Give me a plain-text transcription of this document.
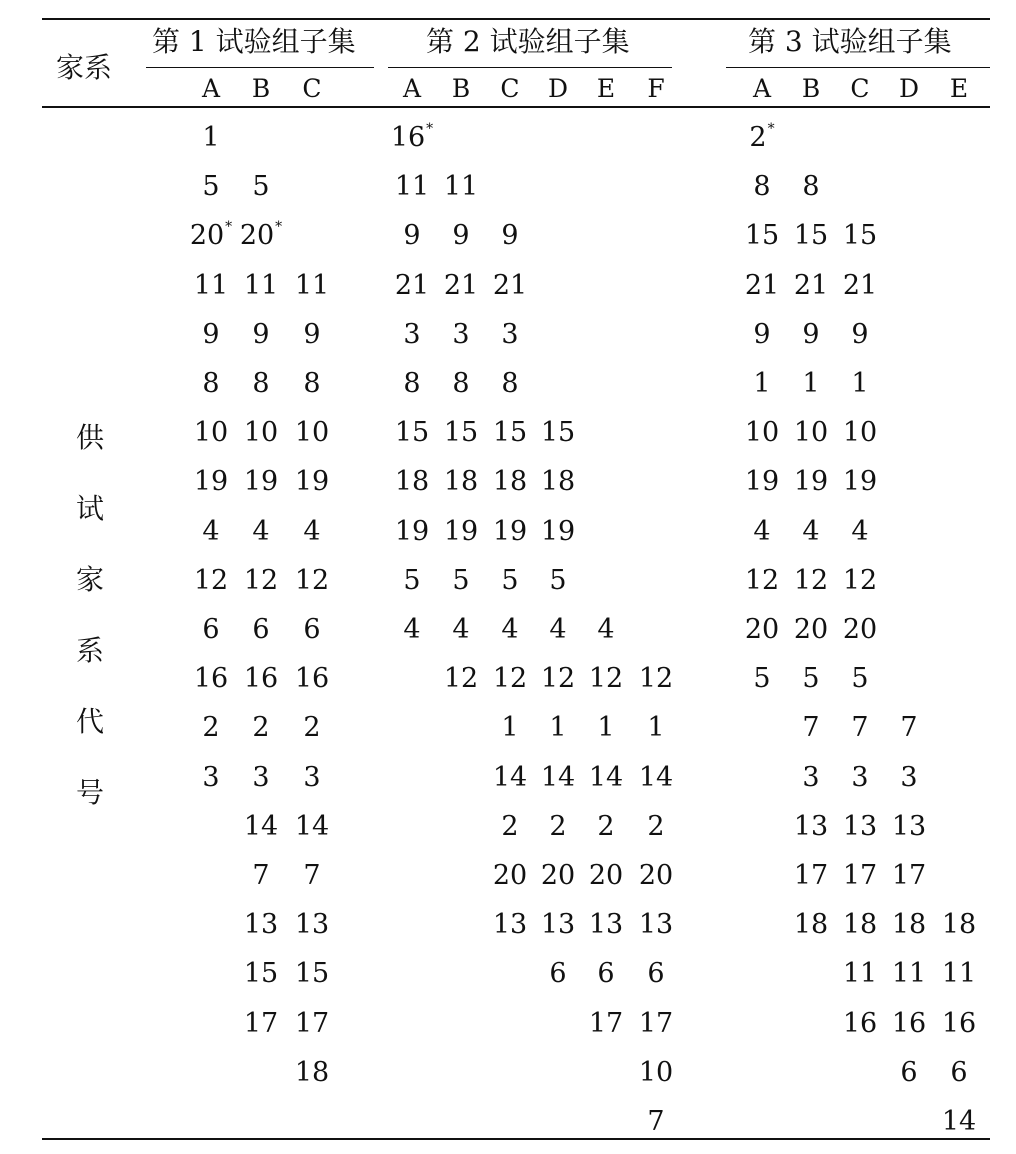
家系
第 1 试验组子集	第 2 试验组子集	第 3 试验组子集
供
试
家
系
代
号
A B C
1
5 5
20* 20*
11 11 11
9 9 9
8 8 8
10 10 10
19 19 19
4 4 4
12 12 12
6 6 6
16 16 16
2 2 2
3 3 3
14 14
7 7
13 13
15 15
17 17
18
A B C D E F
16*
11 11
9 9 9
21 21 21
3 3 3
8 8 8
15 15 15 15
18 18 18 18
19 19 19 19
5 5 5 5
4 4 4 4 4
12 12 12 12 12
1 1 1 1
14 14 14 14
2 2 2 2
20 20 20 20
13 13 13 13
6 6 6
17 17
10
7
A B C D E
2*
8 8
15 15 15
21 21 21
9 9 9
1 1 1
10 10 10
19 19 19
4 4 4
12 12 12
20 20 20
5 5 5
7 7 7
3 3 3
13 13 13
17 17 17
18 18 18 18
11 11 11
16 16 16
6 6
14
